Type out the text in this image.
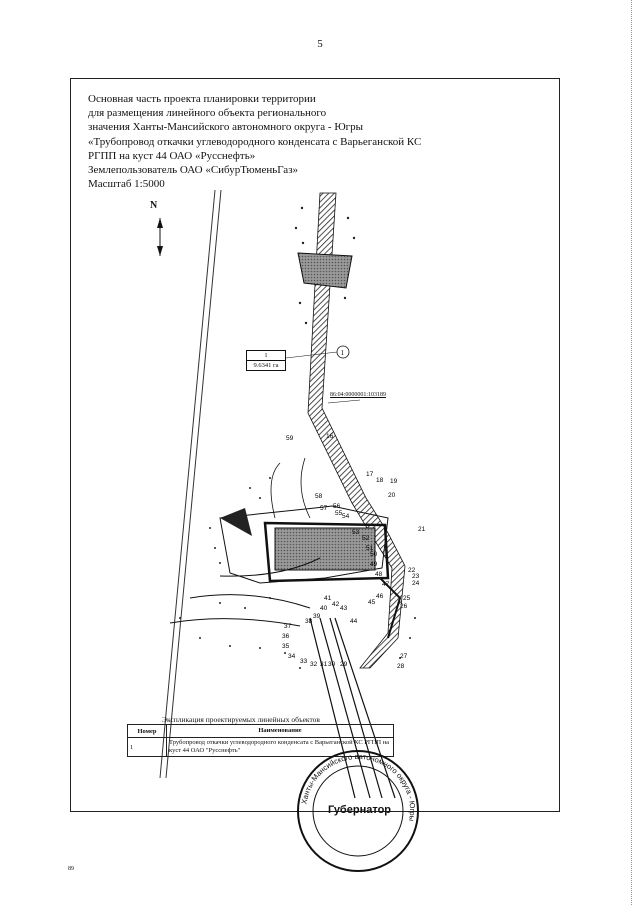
5
Основная часть проекта планировки территории
для размещения линейного объекта регионального
значения Ханты-Мансийского автономного округа - Югры
«Трубопровод откачки углеводородного конденсата с Варьеганской КС
РГПП на куст 44 ОАО «Русснефть»
Землепользователь ОАО «СибурТюменьГаз»
Масштаб 1:5000
1
59	16
17
18 19
20
21
22
23
24
25
26
27
28
29
30
31
32
33
34
35
36
37
38
39
40
41
42
43
44
45
46
47
48
49
50
51
52
53
54
55
56
57
58
1
9.6341 га
N
86:04:0000001:103189
Экспликация проектируемых линейных объектов
Номер	Наименование
1	Трубопровод откачки углеводородного конденсата с Варьеганской КС РГПП на куст 44 ОАО "Русснефть"
Ханты-Мансийского автономного округа - Югры
Губернатор
89
